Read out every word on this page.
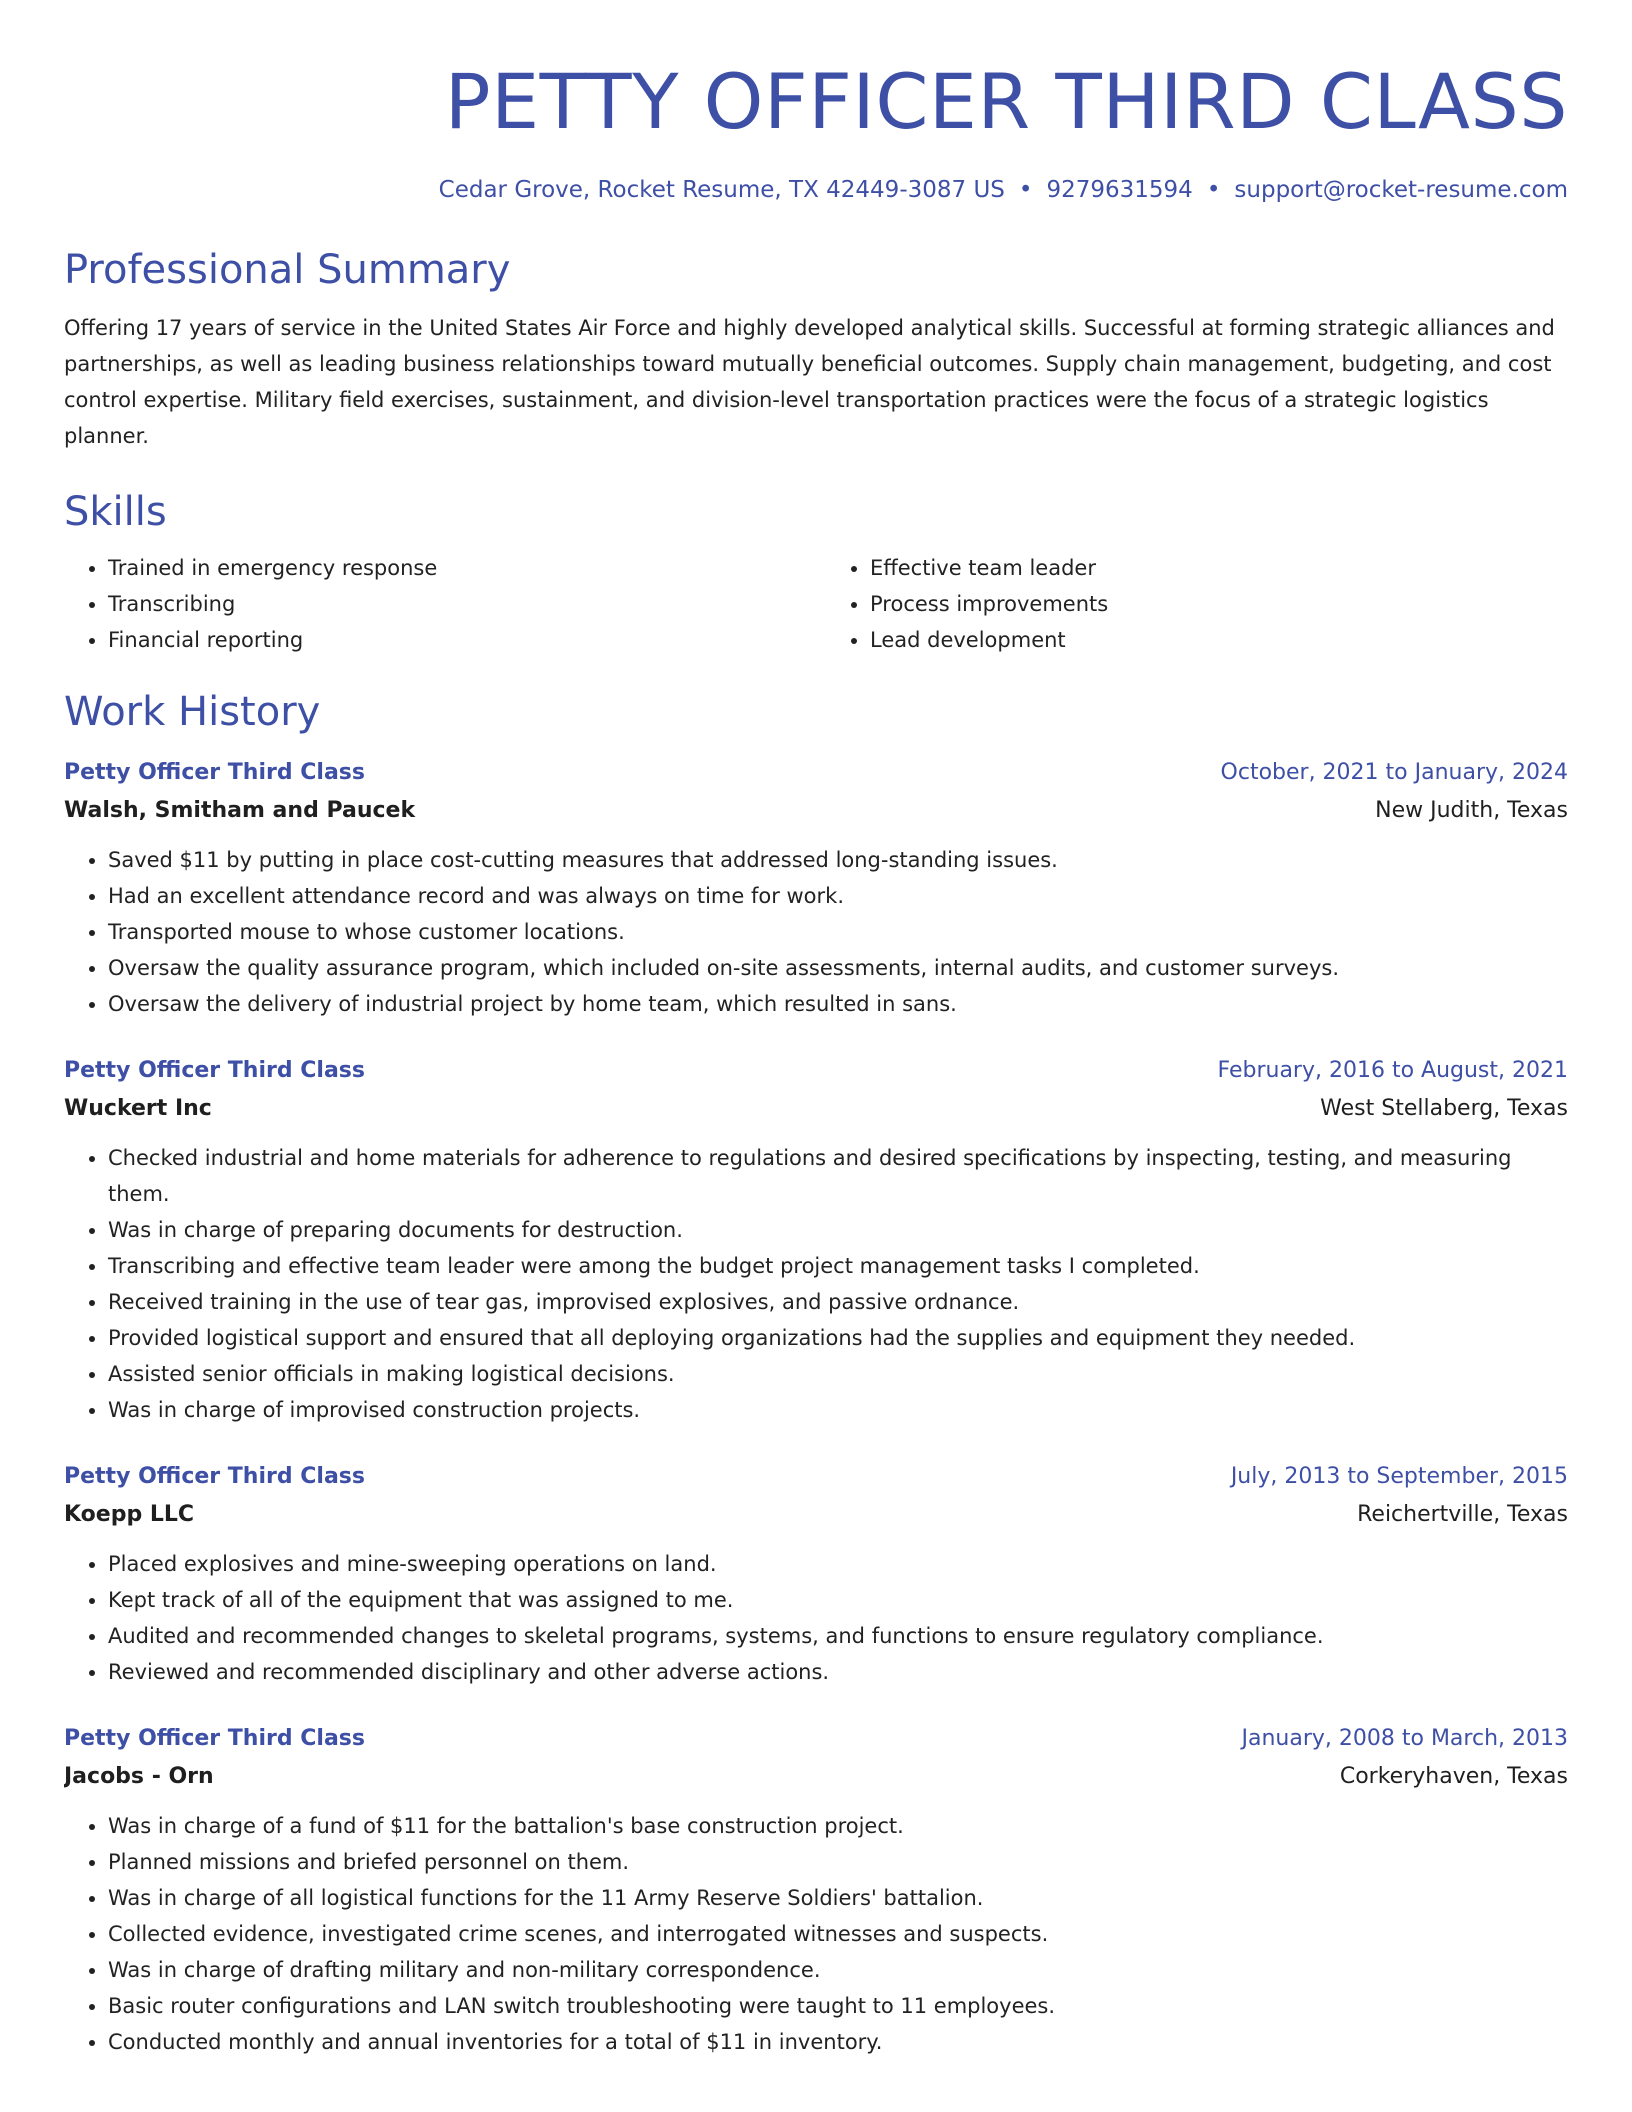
PETTY OFFICER THIRD CLASS
Cedar Grove, Rocket Resume, TX 42449-3087 US • 9279631594 • support@rocket-resume.com
Professional Summary

Offering 17 years of service in the United States Air Force and highly developed analytical skills. Successful at forming strategic alliances and partnerships, as well as leading business relationships toward mutually beneficial outcomes. Supply chain management, budgeting, and cost control expertise. Military field exercises, sustainment, and division-level transportation practices were the focus of a strategic logistics planner.

Skills
• Trained in emergency response
• Transcribing
• Financial reporting
• Effective team leader
• Process improvements
• Lead development
Work History
Petty Officer Third Class	October, 2021 to January, 2024
Walsh, Smitham and Paucek	New Judith, Texas
• Saved $11 by putting in place cost-cutting measures that addressed long-standing issues.
• Had an excellent attendance record and was always on time for work.
• Transported mouse to whose customer locations.
• Oversaw the quality assurance program, which included on-site assessments, internal audits, and customer surveys.
• Oversaw the delivery of industrial project by home team, which resulted in sans.
Petty Officer Third Class	February, 2016 to August, 2021
Wuckert Inc	West Stellaberg, Texas
• Checked industrial and home materials for adherence to regulations and desired specifications by inspecting, testing, and measuring them.
• Was in charge of preparing documents for destruction.
• Transcribing and effective team leader were among the budget project management tasks I completed.
• Received training in the use of tear gas, improvised explosives, and passive ordnance.
• Provided logistical support and ensured that all deploying organizations had the supplies and equipment they needed.
• Assisted senior officials in making logistical decisions.
• Was in charge of improvised construction projects.
Petty Officer Third Class	July, 2013 to September, 2015
Koepp LLC	Reichertville, Texas
• Placed explosives and mine-sweeping operations on land.
• Kept track of all of the equipment that was assigned to me.
• Audited and recommended changes to skeletal programs, systems, and functions to ensure regulatory compliance.
• Reviewed and recommended disciplinary and other adverse actions.
Petty Officer Third Class	January, 2008 to March, 2013
Jacobs - Orn	Corkeryhaven, Texas
• Was in charge of a fund of $11 for the battalion's base construction project.
• Planned missions and briefed personnel on them.
• Was in charge of all logistical functions for the 11 Army Reserve Soldiers' battalion.
• Collected evidence, investigated crime scenes, and interrogated witnesses and suspects.
• Was in charge of drafting military and non-military correspondence.
• Basic router configurations and LAN switch troubleshooting were taught to 11 employees.
• Conducted monthly and annual inventories for a total of $11 in inventory.
